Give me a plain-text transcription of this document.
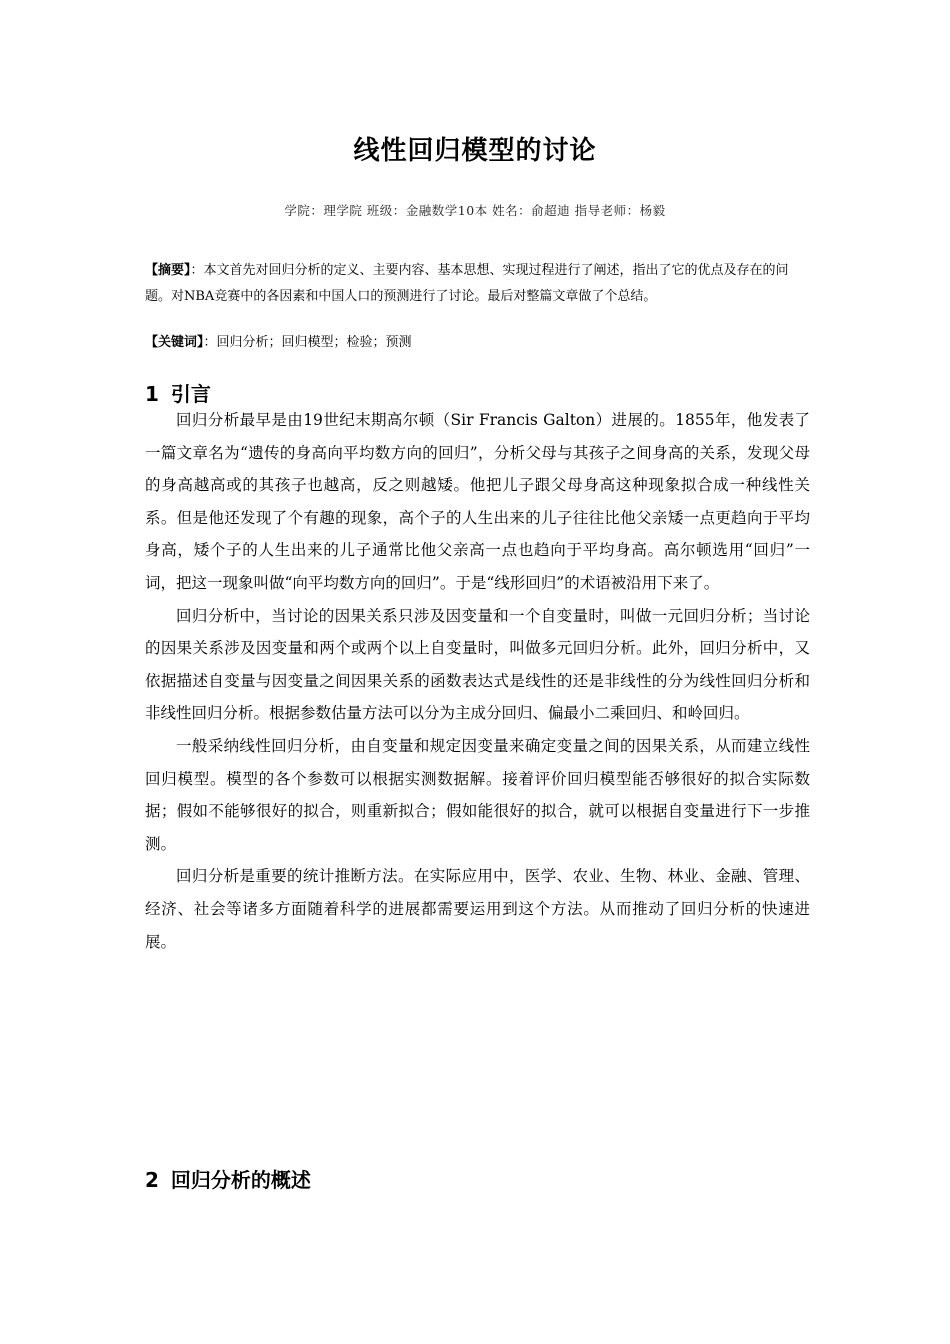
线性回归模型的讨论
学院：理学院 班级：金融数学10本 姓名：俞超迪 指导老师：杨毅
【摘要】：本文首先对回归分析的定义、主要内容、基本思想、实现过程进行了阐述，指出了它的优点及存在的问题。对NBA竞赛中的各因素和中国人口的预测进行了讨论。最后对整篇文章做了个总结。
【关键词】：回归分析；回归模型；检验；预测
1 引言

回归分析最早是由19世纪末期高尔顿（Sir Francis Galton）进展的。1855年，他发表了一篇文章名为“遗传的身高向平均数方向的回归”，分析父母与其孩子之间身高的关系，发现父母的身高越高或的其孩子也越高，反之则越矮。他把儿子跟父母身高这种现象拟合成一种线性关系。但是他还发现了个有趣的现象，高个子的人生出来的儿子往往比他父亲矮一点更趋向于平均身高，矮个子的人生出来的儿子通常比他父亲高一点也趋向于平均身高。高尔顿选用“回归”一词，把这一现象叫做“向平均数方向的回归”。于是“线形回归”的术语被沿用下来了。

回归分析中，当讨论的因果关系只涉及因变量和一个自变量时，叫做一元回归分析；当讨论的因果关系涉及因变量和两个或两个以上自变量时，叫做多元回归分析。此外，回归分析中，又依据描述自变量与因变量之间因果关系的函数表达式是线性的还是非线性的分为线性回归分析和非线性回归分析。根据参数估量方法可以分为主成分回归、偏最小二乘回归、和岭回归。

一般采纳线性回归分析，由自变量和规定因变量来确定变量之间的因果关系，从而建立线性回归模型。模型的各个参数可以根据实测数据解。接着评价回归模型能否够很好的拟合实际数据；假如不能够很好的拟合，则重新拟合；假如能很好的拟合，就可以根据自变量进行下一步推测。

回归分析是重要的统计推断方法。在实际应用中，医学、农业、生物、林业、金融、管理、经济、社会等诸多方面随着科学的进展都需要运用到这个方法。从而推动了回归分析的快速进展。

2 回归分析的概述
